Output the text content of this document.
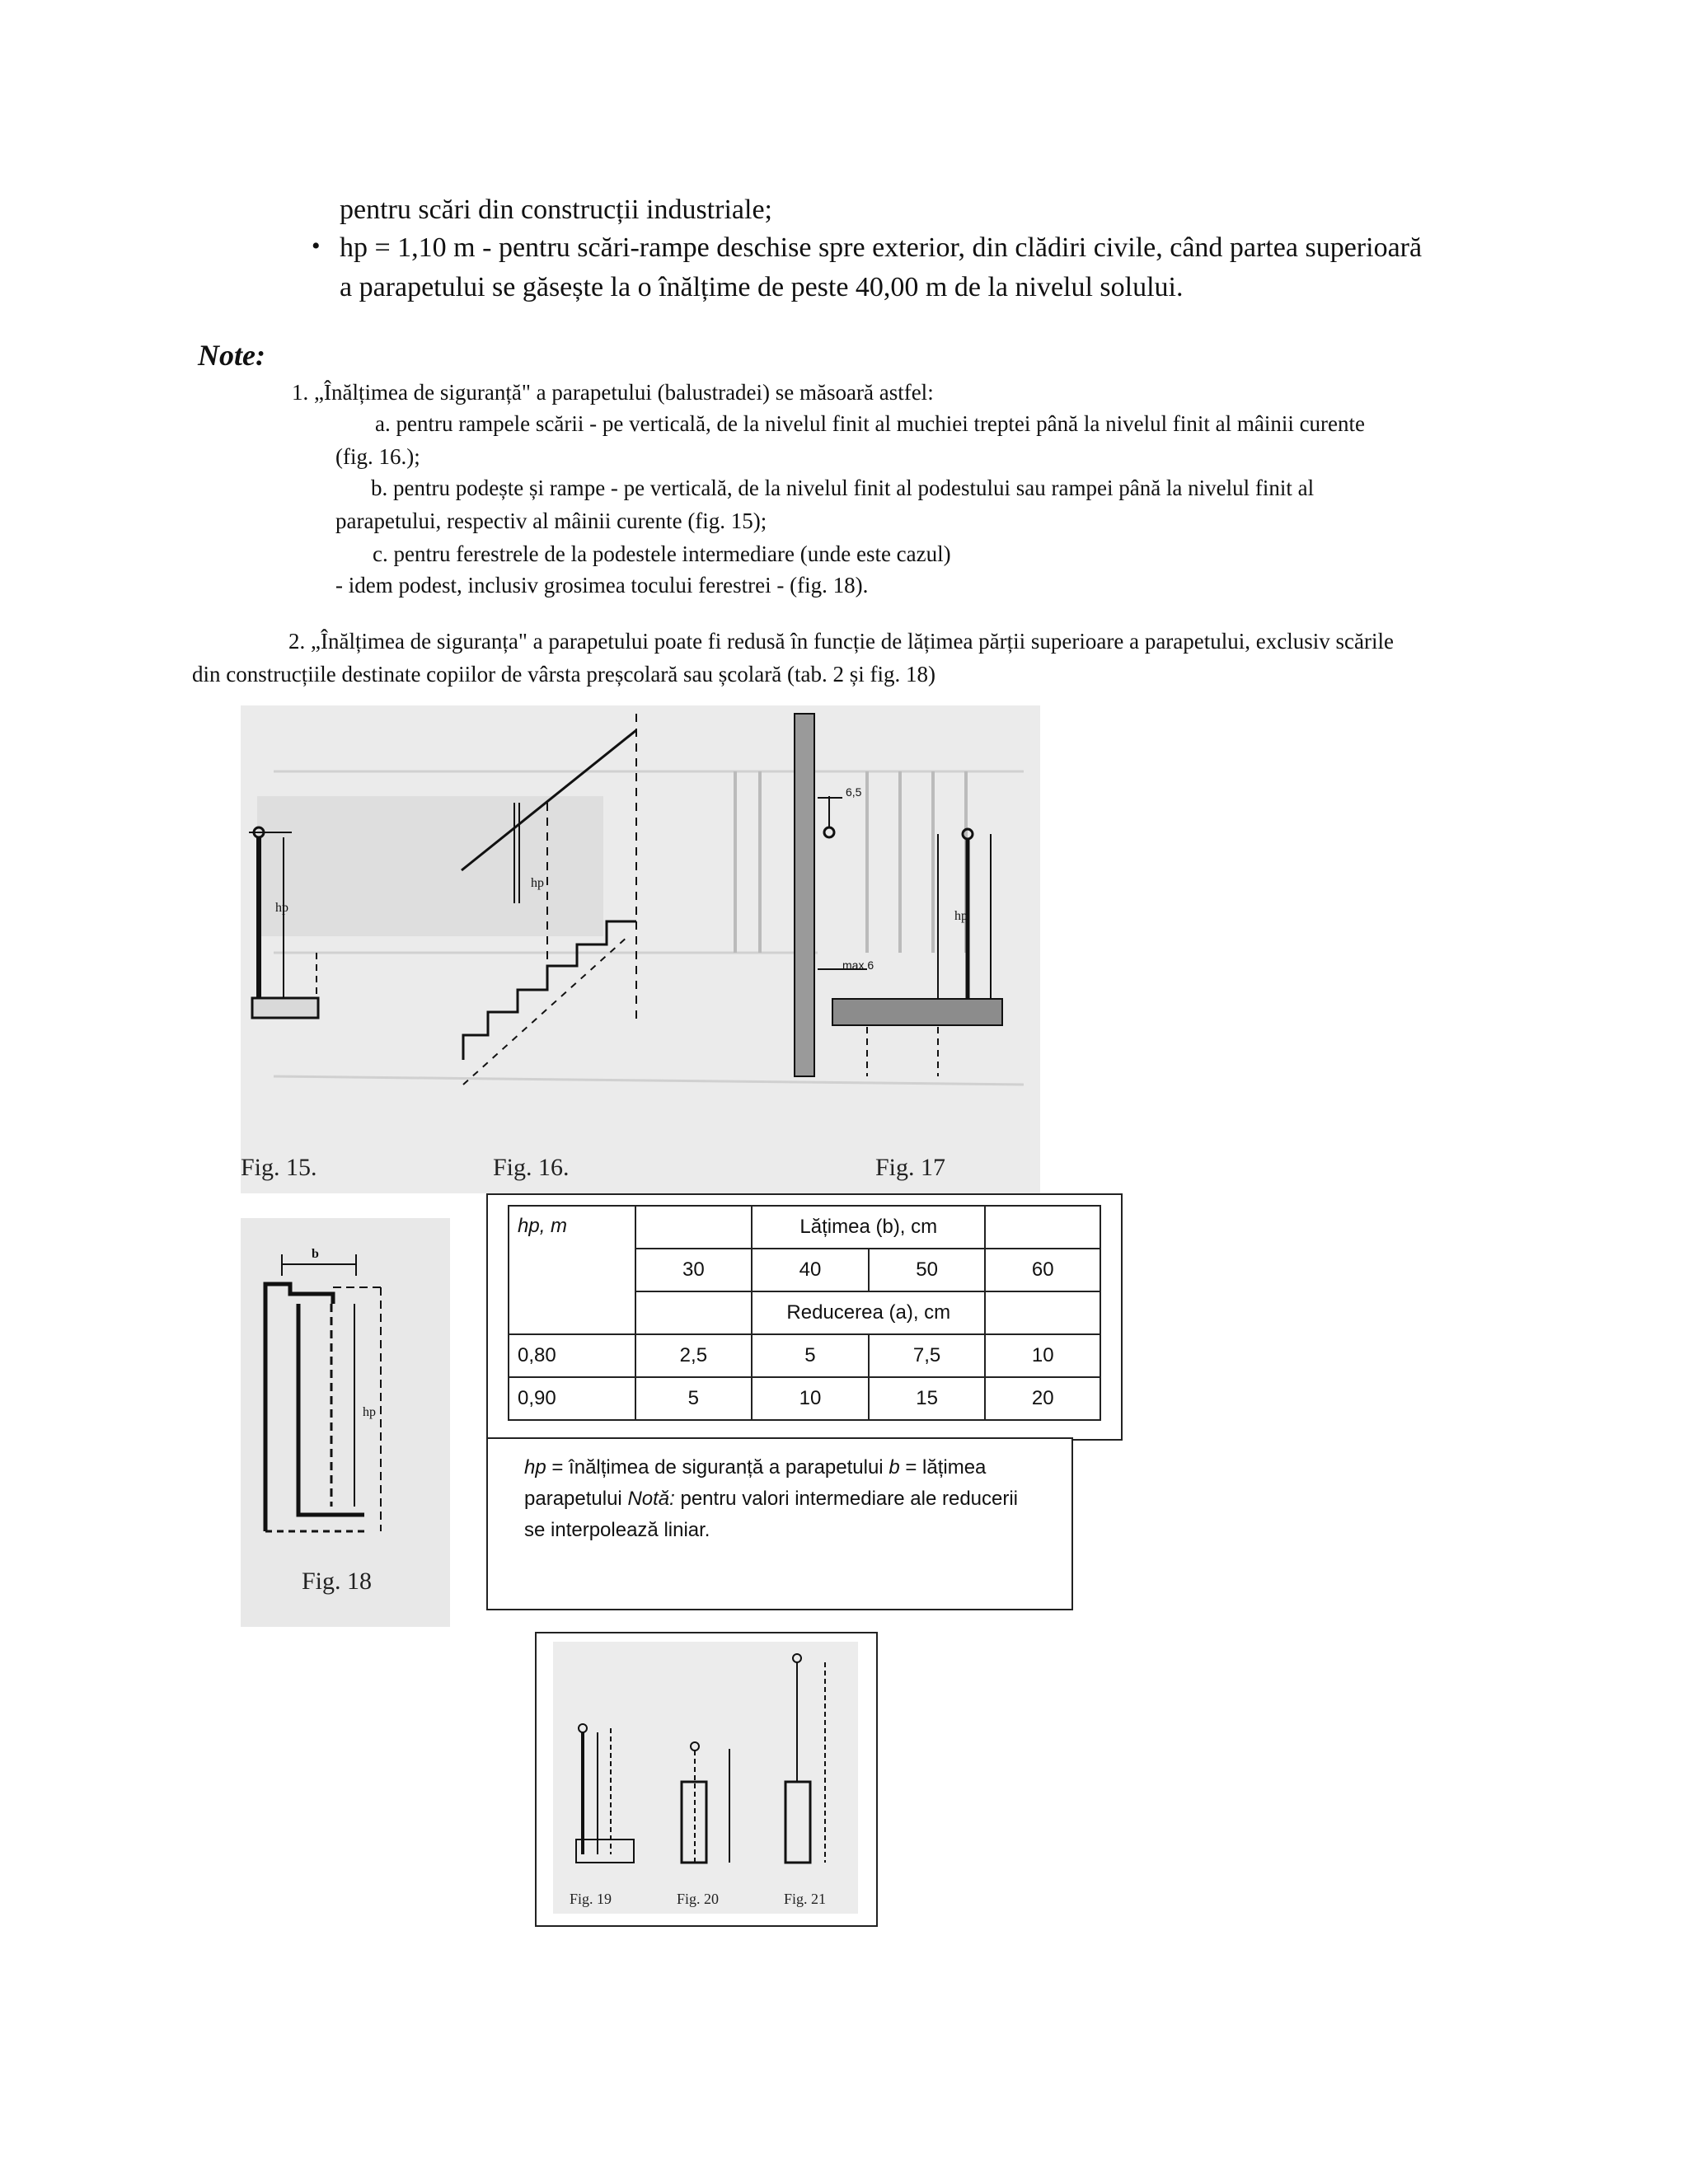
pentru scări din construcții industriale;
• hp = 1,10 m - pentru scări-rampe deschise spre exterior, din clădiri civile, când partea superioară
a parapetului se găsește la o înălțime de peste 40,00 m de la nivelul solului.
Note:
1. „Înălțimea de siguranță" a parapetului (balustradei) se măsoară astfel:
a. pentru rampele scării - pe verticală, de la nivelul finit al muchiei treptei până la nivelul finit al mâinii curente
(fig. 16.);
b. pentru podește și rampe - pe verticală, de la nivelul finit al podestului sau rampei până la nivelul finit al
parapetului, respectiv al mâinii curente (fig. 15);
c. pentru ferestrele de la podestele intermediare (unde este cazul)
- idem podest, inclusiv grosimea tocului ferestrei - (fig. 18).
2. „Înălțimea de siguranța" a parapetului poate fi redusă în funcție de lățimea părții superioare a parapetului, exclusiv scările
din construcțiile destinate copiilor de vârsta preșcolară sau școlară (tab. 2 și fig. 18)
hp
hp
6,5
max 6
hp
Fig. 15.	Fig. 16.	Fig. 17
b
hp
Fig. 18
hp, m		Lățimea (b), cm		
	30	40	50	60
		Reducerea (a), cm		
0,80	2,5	5	7,5	10
0,90	5	10	15	20
hp = înălțimea de siguranță a parapetului b = lățimea parapetului Notă: pentru valori intermediare ale reducerii se interpolează liniar.
Fig. 19	Fig. 20	Fig. 21
